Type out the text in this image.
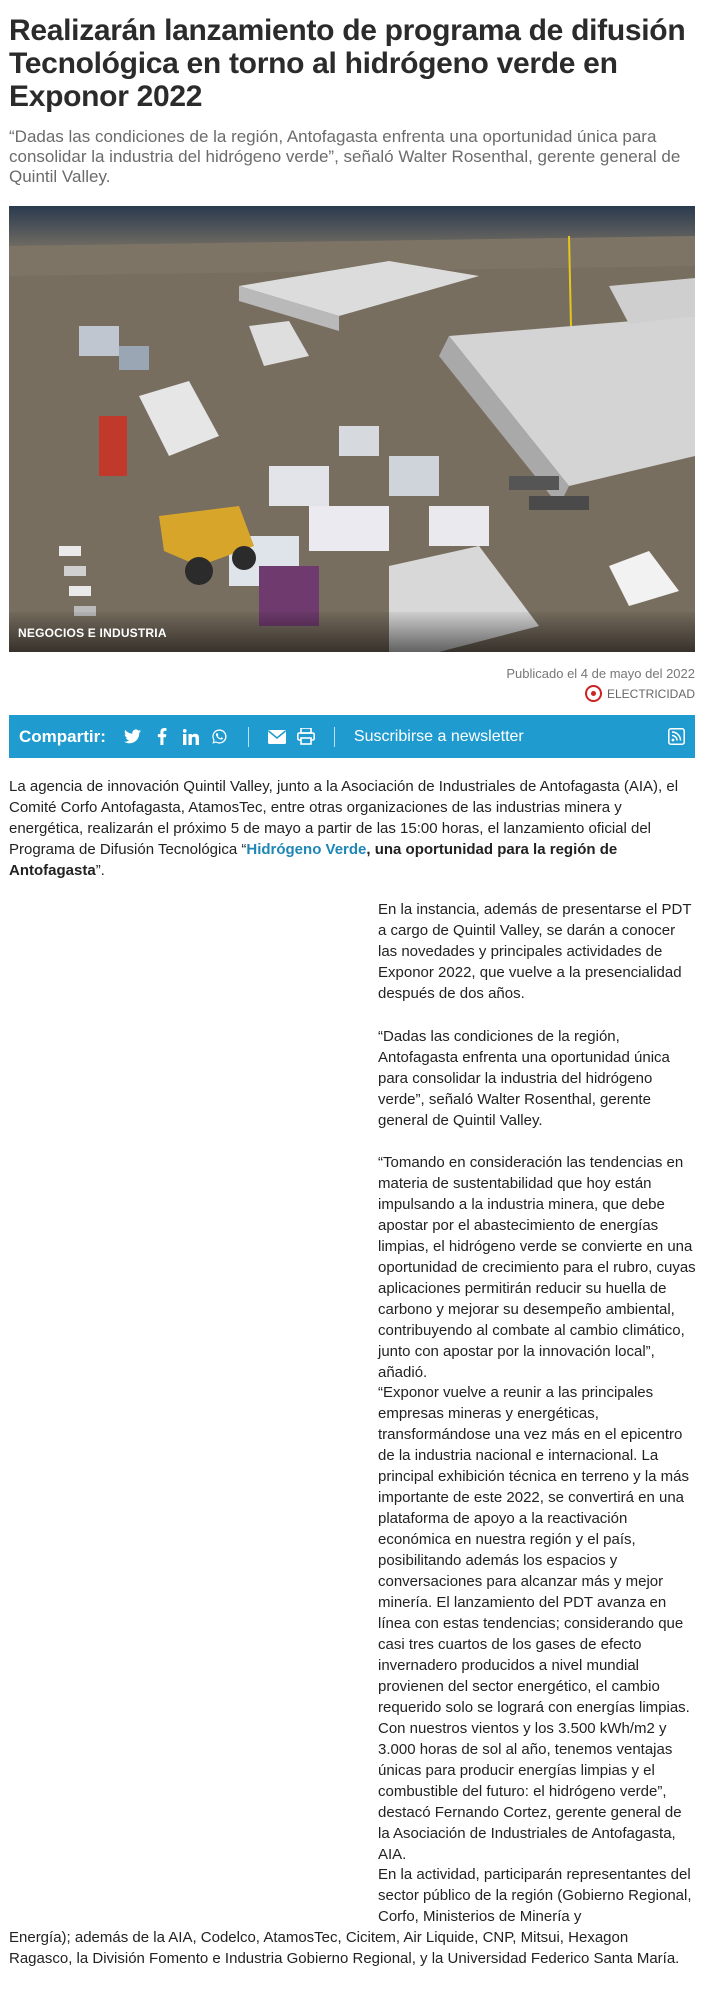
Realizarán lanzamiento de programa de difusión Tecnológica en torno al hidrógeno verde en Exponor 2022

“Dadas las condiciones de la región, Antofagasta enfrenta una oportunidad única para consolidar la industria del hidrógeno verde”, señaló Walter Rosenthal, gerente general de Quintil Valley.

NEGOCIOS E INDUSTRIA
Publicado el 4 de mayo del 2022
ELECTRICIDAD
Compartir:	Suscribirse a newsletter

La agencia de innovación Quintil Valley, junto a la Asociación de Industriales de Antofagasta (AIA), el Comité Corfo Antofagasta, AtamosTec, entre otras organizaciones de las industrias minera y energética, realizarán el próximo 5 de mayo a partir de las 15:00 horas, el lanzamiento oficial del Programa de Difusión Tecnológica “Hidrógeno Verde, una oportunidad para la región de Antofagasta”.

En la instancia, además de presentarse el PDT a cargo de Quintil Valley, se darán a conocer las novedades y principales actividades de Exponor 2022, que vuelve a la presencialidad después de dos años.

“Dadas las condiciones de la región, Antofagasta enfrenta una oportunidad única para consolidar la industria del hidrógeno verde”, señaló Walter Rosenthal, gerente general de Quintil Valley.

“Tomando en consideración las tendencias en materia de sustentabilidad que hoy están impulsando a la industria minera, que debe apostar por el abastecimiento de energías limpias, el hidrógeno verde se convierte en una oportunidad de crecimiento para el rubro, cuyas aplicaciones permitirán reducir su huella de carbono y mejorar su desempeño ambiental, contribuyendo al combate al cambio climático, junto con apostar por la innovación local”, añadió.

“Exponor vuelve a reunir a las principales empresas mineras y energéticas, transformándose una vez más en el epicentro de la industria nacional e internacional. La principal exhibición técnica en terreno y la más importante de este 2022, se convertirá en una plataforma de apoyo a la reactivación económica en nuestra región y el país, posibilitando además los espacios y conversaciones para alcanzar más y mejor minería. El lanzamiento del PDT avanza en línea con estas tendencias; considerando que casi tres cuartos de los gases de efecto invernadero producidos a nivel mundial provienen del sector energético, el cambio requerido solo se logrará con energías limpias. Con nuestros vientos y los 3.500 kWh/m2 y 3.000 horas de sol al año, tenemos ventajas únicas para producir energías limpias y el combustible del futuro: el hidrógeno verde”, destacó Fernando Cortez, gerente general de la Asociación de Industriales de Antofagasta, AIA.

En la actividad, participarán representantes del sector público de la región (Gobierno Regional, Corfo, Ministerios de Minería y

Energía); además de la AIA, Codelco, AtamosTec, Cicitem, Air Liquide, CNP, Mitsui, Hexagon Ragasco, la División Fomento e Industria Gobierno Regional, y la Universidad Federico Santa María.
